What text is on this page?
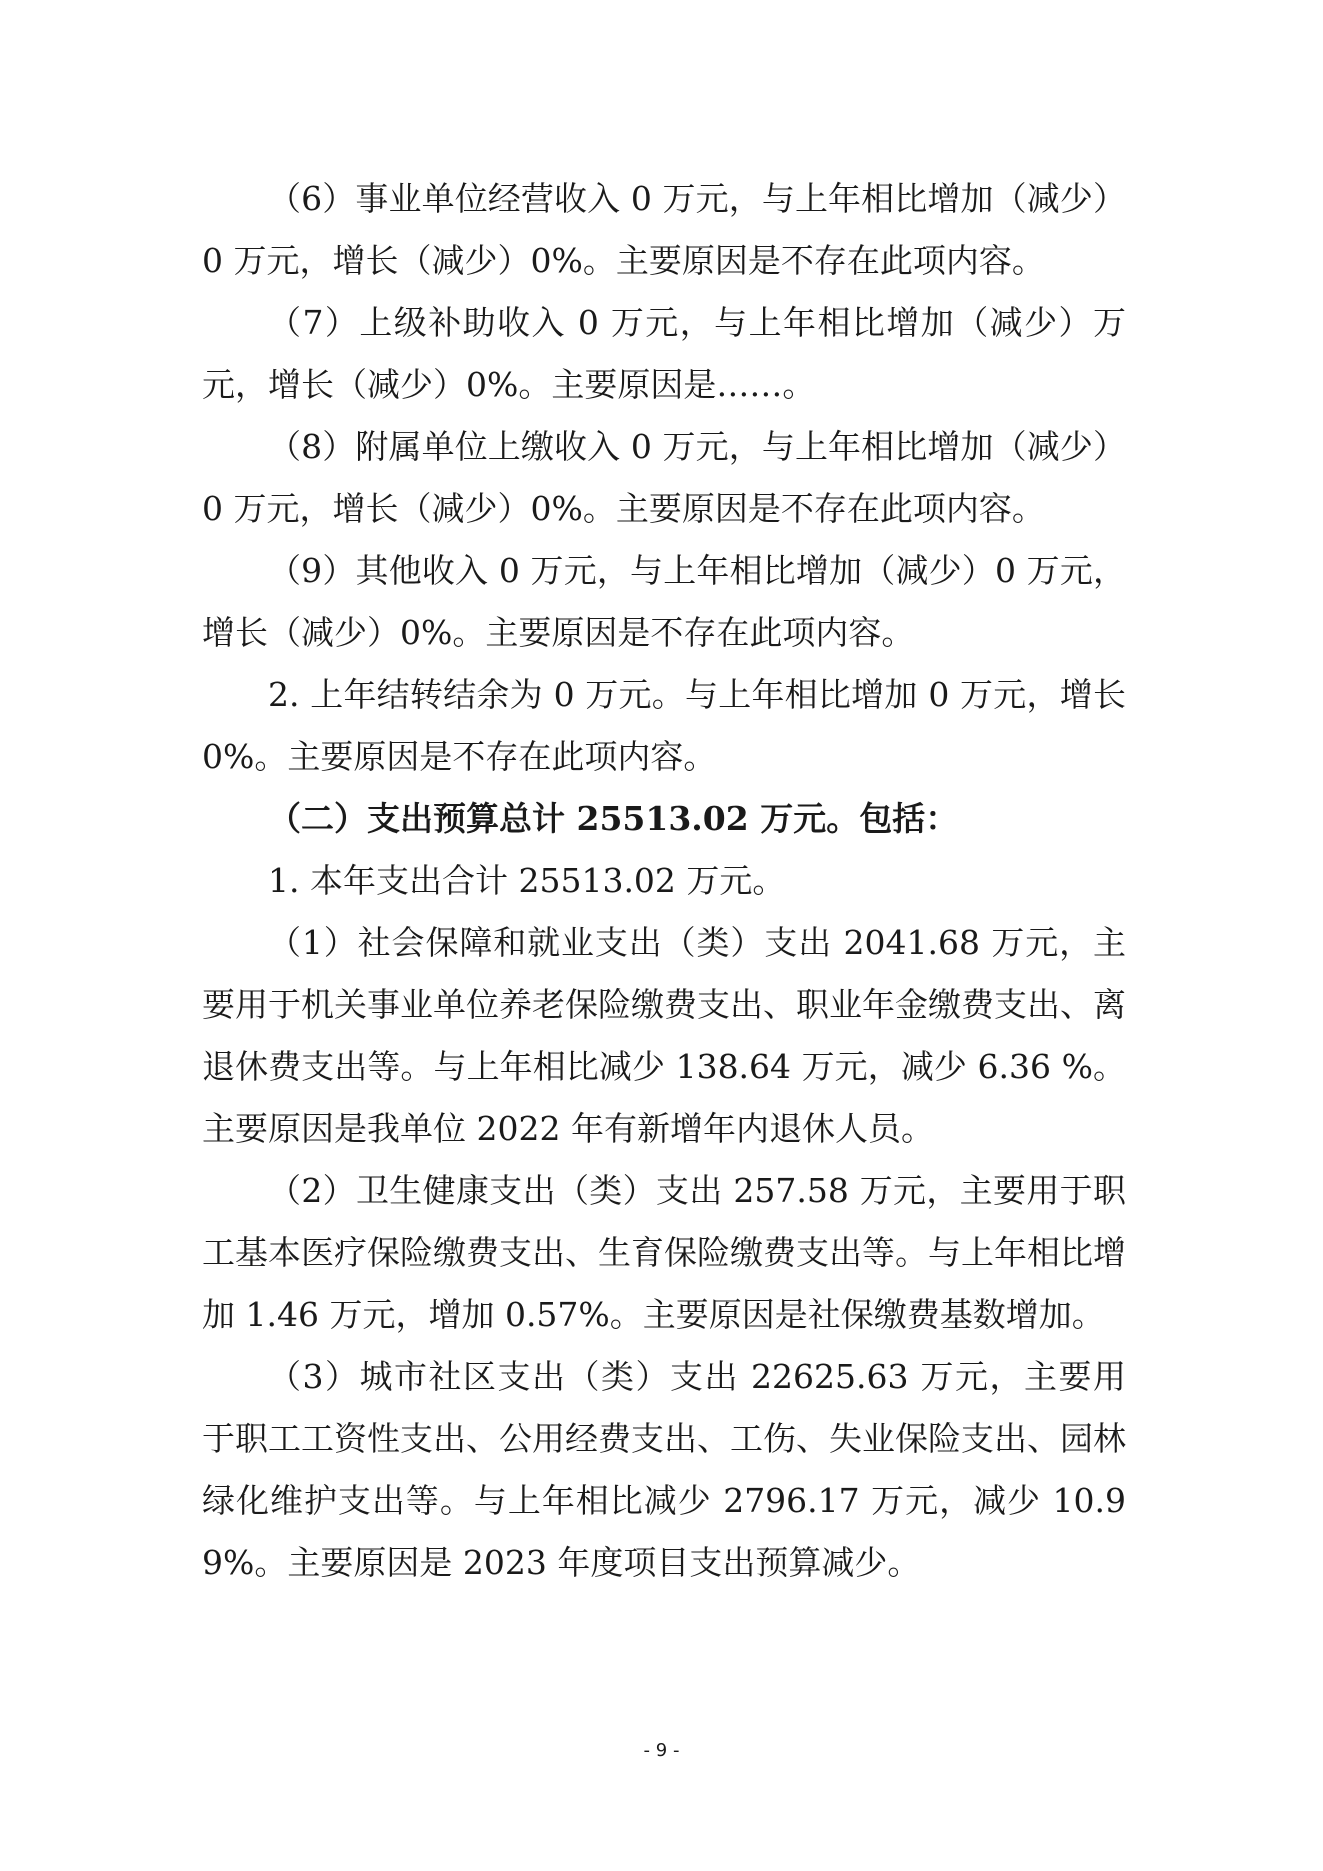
（6）事业单位经营收入 0 万元，与上年相比增加（减少）0 万元，增长（减少）0%。主要原因是不存在此项内容。

（7）上级补助收入 0 万元，与上年相比增加（减少）万元，增长（减少）0%。主要原因是……。

（8）附属单位上缴收入 0 万元，与上年相比增加（减少）0 万元，增长（减少）0%。主要原因是不存在此项内容。

（9）其他收入 0 万元，与上年相比增加（减少）0 万元，增长（减少）0%。主要原因是不存在此项内容。

2. 上年结转结余为 0 万元。与上年相比增加 0 万元，增长 0%。主要原因是不存在此项内容。

（二）支出预算总计 25513.02 万元。包括：

1. 本年支出合计 25513.02 万元。

（1）社会保障和就业支出（类）支出 2041.68 万元，主要用于机关事业单位养老保险缴费支出、职业年金缴费支出、离退休费支出等。与上年相比减少 138.64 万元，减少 6.36 %。 主要原因是我单位 2022 年有新增年内退休人员。

（2）卫生健康支出（类）支出 257.58 万元，主要用于职工基本医疗保险缴费支出、生育保险缴费支出等。与上年相比增加 1.46 万元，增加 0.57%。主要原因是社保缴费基数增加。

（3）城市社区支出（类）支出 22625.63 万元，主要用于职工工资性支出、公用经费支出、工伤、失业保险支出、园林绿化维护支出等。与上年相比减少 2796.17 万元，减少 10.99%。主要原因是 2023 年度项目支出预算减少。

- 9 -
